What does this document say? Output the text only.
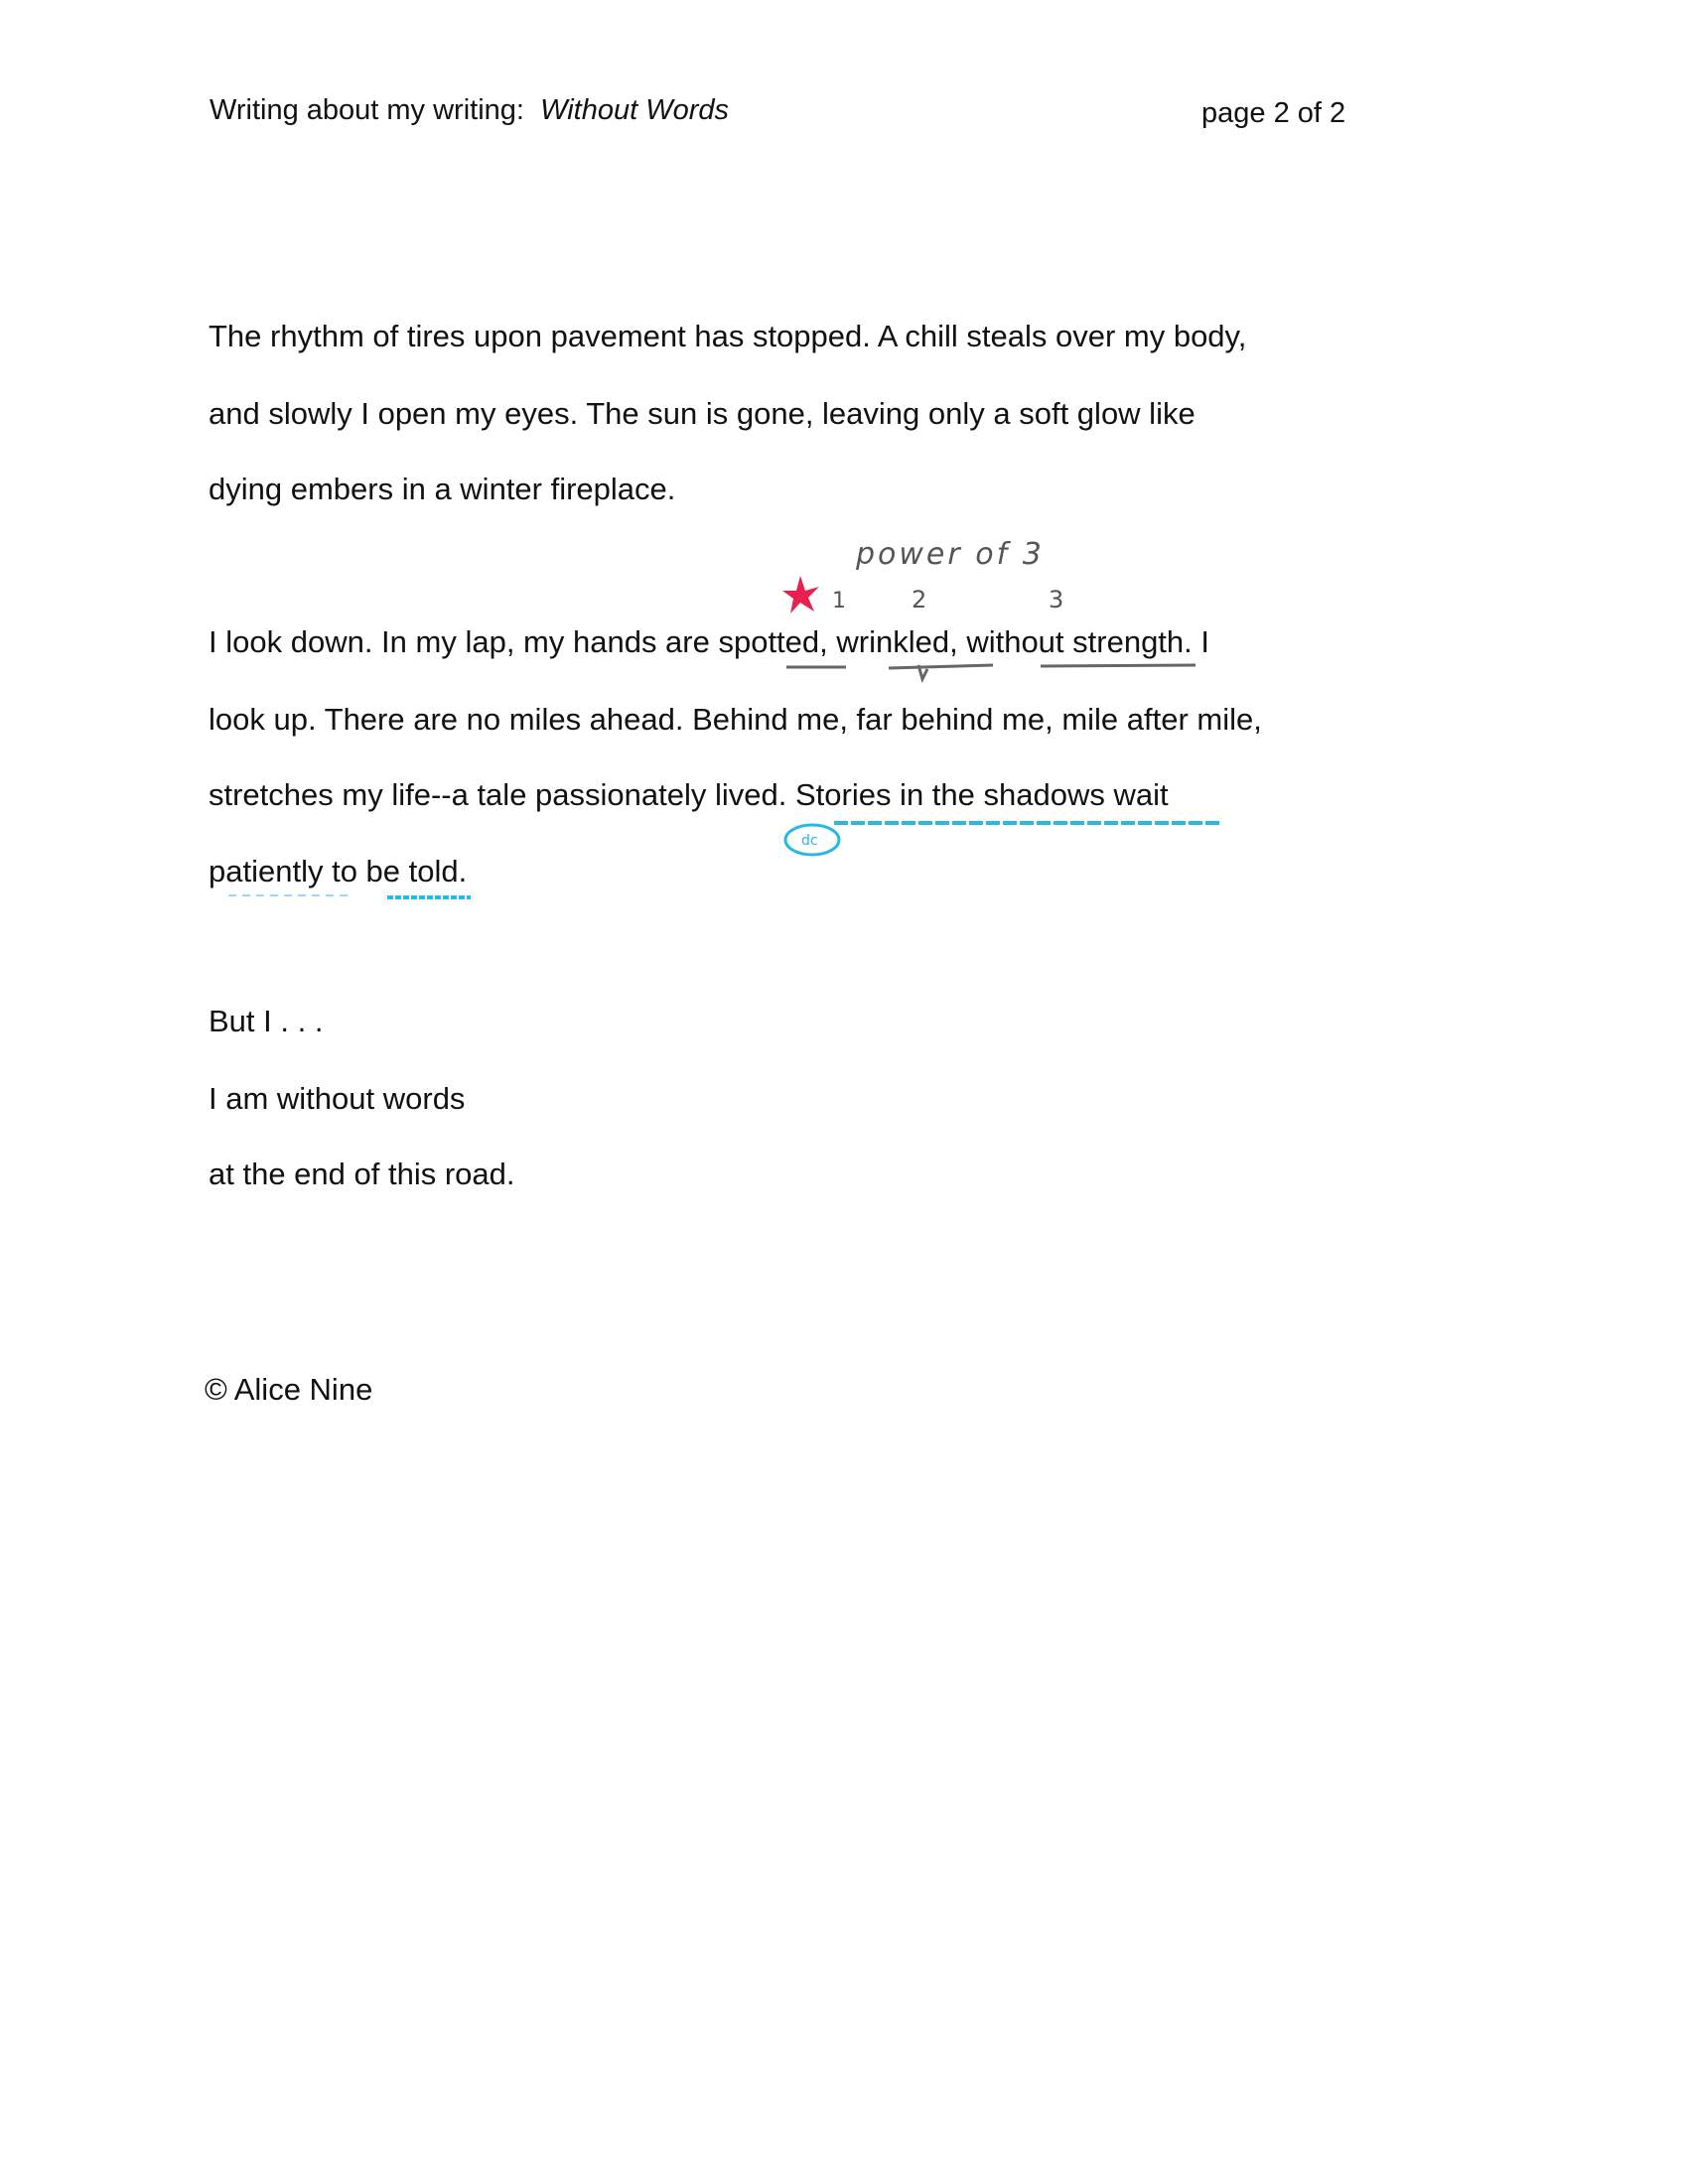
Writing about my writing: Without Words	page 2 of 2
The rhythm of tires upon pavement has stopped. A chill steals over my body,
and slowly I open my eyes. The sun is gone, leaving only a soft glow like
dying embers in a winter fireplace.
I look down. In my lap, my hands are spotted, wrinkled, without strength. I
look up. There are no miles ahead. Behind me, far behind me, mile after mile,
stretches my life--a tale passionately lived. Stories in the shadows wait
patiently to be told.
But I . . .
I am without words
at the end of this road.
© Alice Nine
1
power of 3
2	3
dc
